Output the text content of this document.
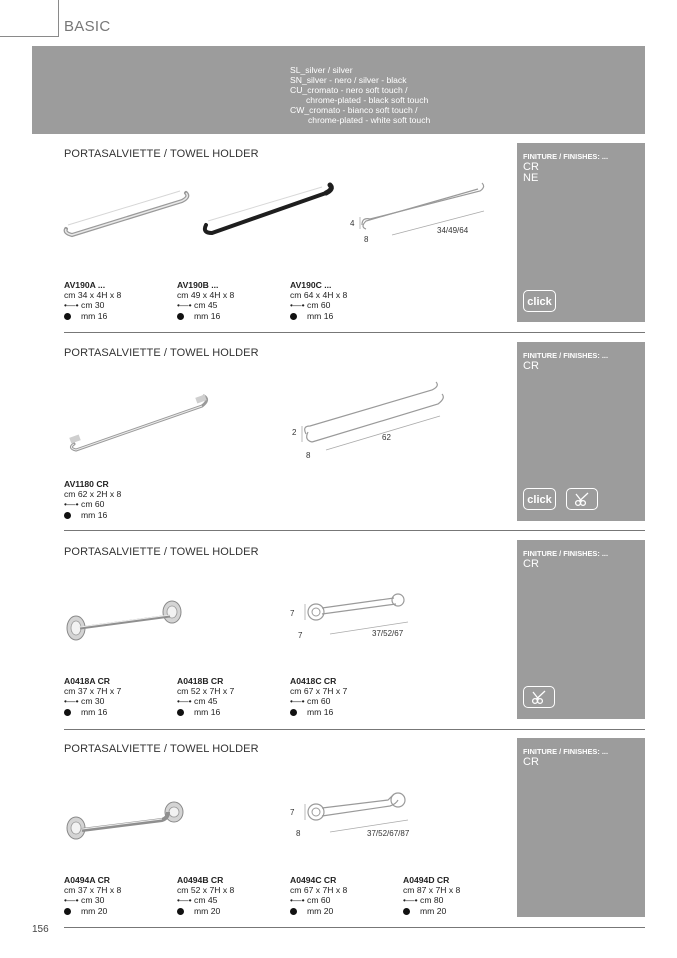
BASIC
SL_silver / silver
SN_silver - nero / silver - black
CU_cromato - nero soft touch /
chrome-plated - black soft touch
CW_cromato - bianco soft touch /
chrome-plated - white soft touch
PORTASALVIETTE / TOWEL HOLDER
4
8
34/49/64
AV190A ...
cm 34 x 4H x 8
•—• cm 30
mm 16
AV190B ...
cm 49 x 4H x 8
•—• cm 45
mm 16
AV190C ...
cm 64 x 4H x 8
•—• cm 60
mm 16
FINITURE / FINISHES: ...
CR
NE
click
PORTASALVIETTE / TOWEL HOLDER
2
8
62
AV1180 CR
cm 62 x 2H x 8
•—• cm 60
mm 16
FINITURE / FINISHES: ...
CR
click
PORTASALVIETTE / TOWEL HOLDER
7
7	37/52/67
A0418A CR
cm 37 x 7H x 7
•—• cm 30
mm 16
A0418B CR
cm 52 x 7H x 7
•—• cm 45
mm 16
A0418C CR
cm 67 x 7H x 7
•—• cm 60
mm 16
FINITURE / FINISHES: ...
CR
PORTASALVIETTE / TOWEL HOLDER
7
8	37/52/67/87
A0494A CR
cm 37 x 7H x 8
•—• cm 30
mm 20
A0494B CR
cm 52 x 7H x 8
•—• cm 45
mm 20
A0494C CR
cm 67 x 7H x 8
•—• cm 60
mm 20
A0494D CR
cm 87 x 7H x 8
•—• cm 80
mm 20
FINITURE / FINISHES: ...
CR
156
